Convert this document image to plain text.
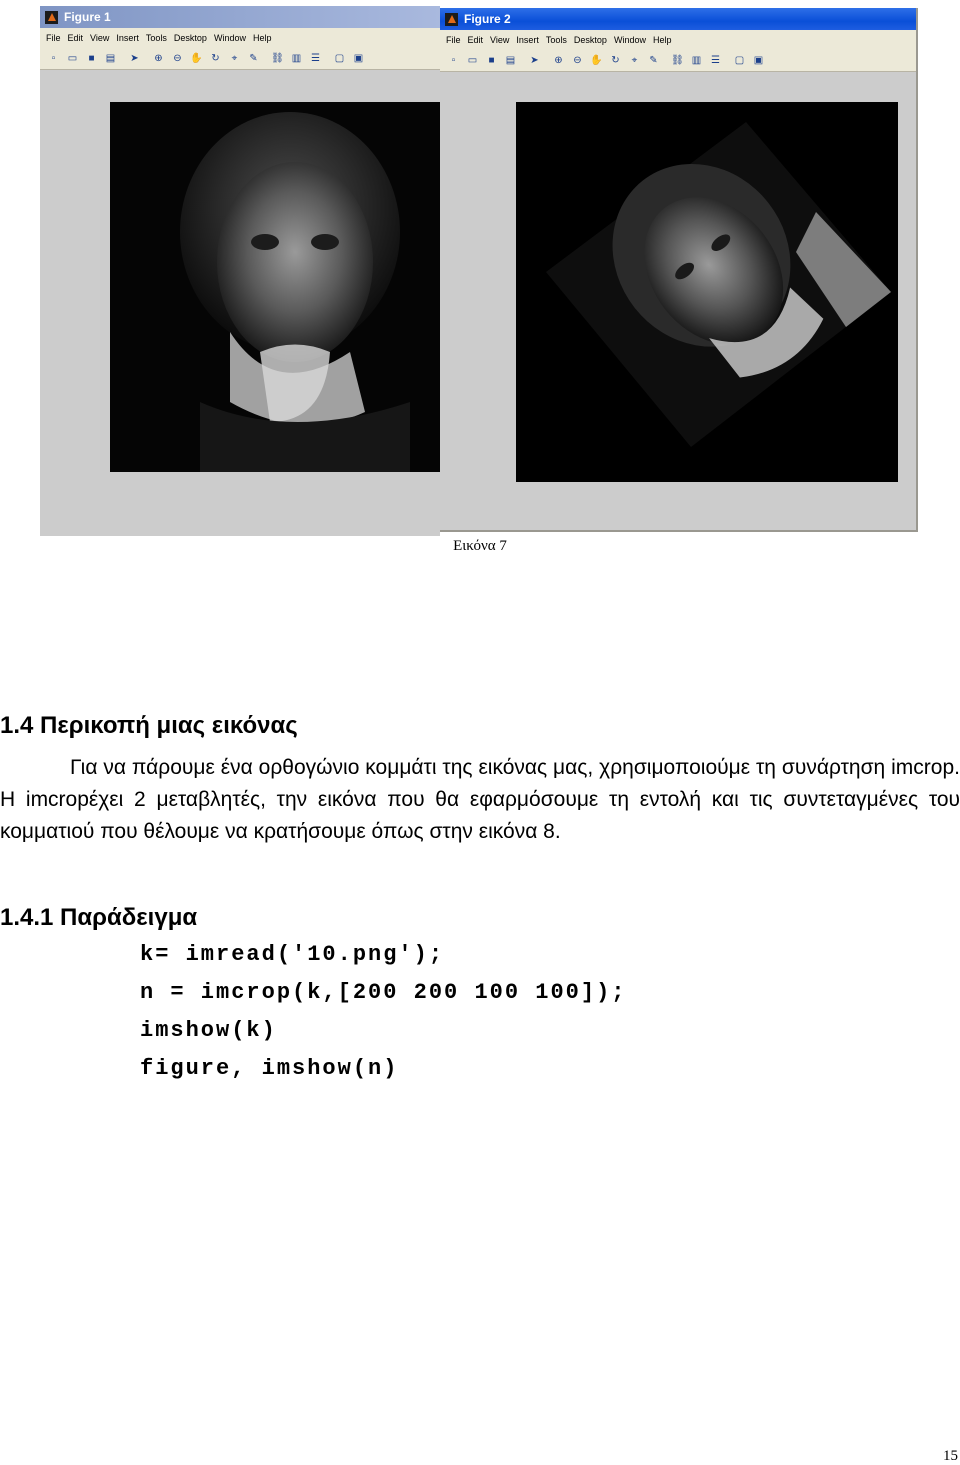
Figure 1
File Edit View Insert Tools Desktop Window Help
▫	▭	■	▤ ➤ ⊕ ⊖ ✋ ↻	⌖	✎ ⛓ ▥ ☰ ▢ ▣
Figure 2
File Edit View Insert Tools Desktop Window Help
▫	▭	■	▤ ➤ ⊕ ⊖ ✋ ↻	⌖	✎ ⛓ ▥ ☰ ▢ ▣
Εικόνα 7
1.4 Περικοπή μιας εικόνας

Για να πάρουμε ένα ορθογώνιο κομμάτι της εικόνας μας, χρησιμοποιούμε τη συνάρτηση imcrop. Η imcropέχει 2 μεταβλητές, την εικόνα που θα εφαρμόσουμε τη εντολή και τις συντεταγμένες του κομματιού που θέλουμε να κρατήσουμε όπως στην εικόνα 8.

1.4.1 Παράδειγμα

k= imread('10.png');

n = imcrop(k,[200 200 100 100]);

imshow(k)

figure, imshow(n)

15
